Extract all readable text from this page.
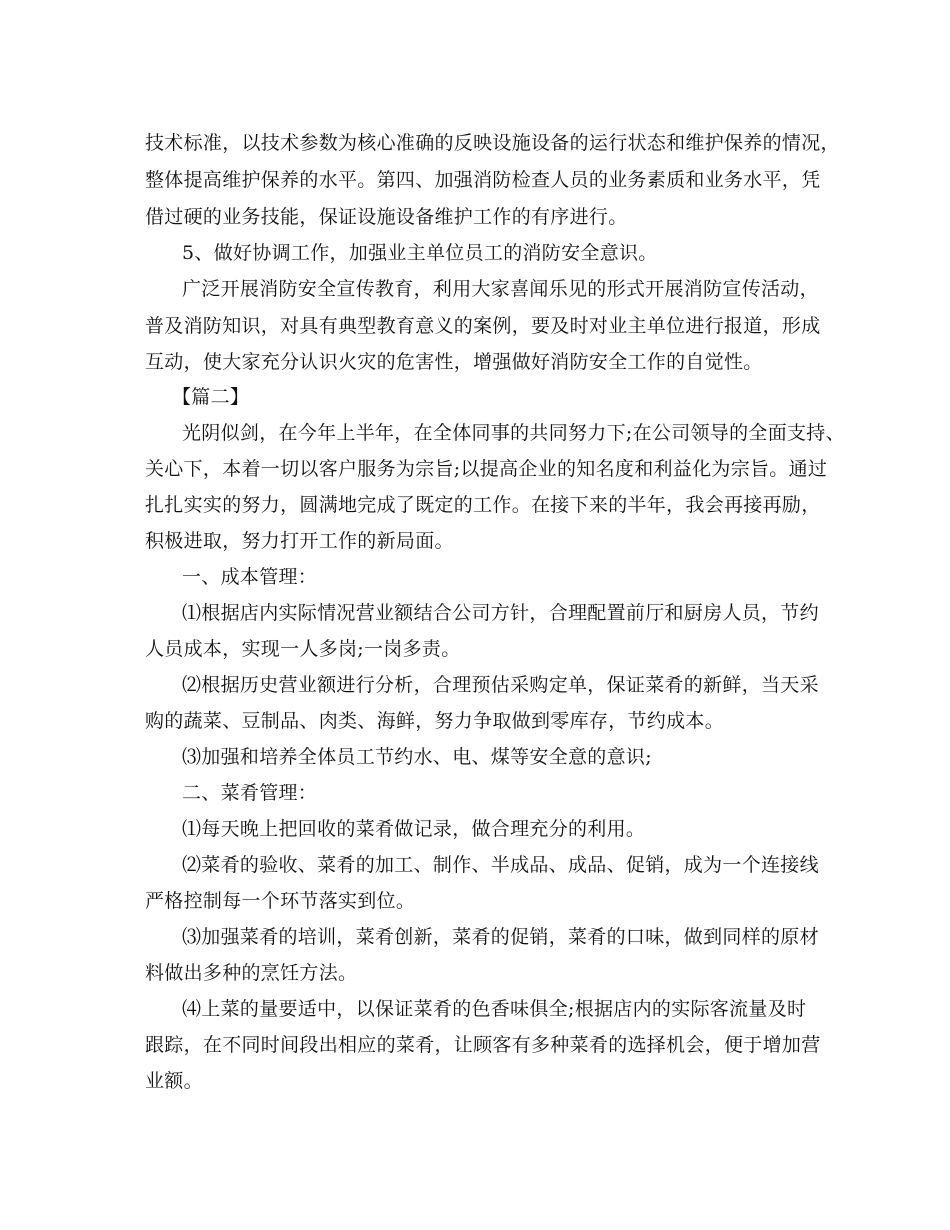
技术标准，以技术参数为核心准确的反映设施设备的运行状态和维护保养的情况，
整体提高维护保养的水平。第四、加强消防检查人员的业务素质和业务水平，凭
借过硬的业务技能，保证设施设备维护工作的有序进行。
5、做好协调工作，加强业主单位员工的消防安全意识。
广泛开展消防安全宣传教育，利用大家喜闻乐见的形式开展消防宣传活动，
普及消防知识，对具有典型教育意义的案例，要及时对业主单位进行报道，形成
互动，使大家充分认识火灾的危害性，增强做好消防安全工作的自觉性。
【篇二】
光阴似剑，在今年上半年，在全体同事的共同努力下;在公司领导的全面支持、
关心下，本着一切以客户服务为宗旨;以提高企业的知名度和利益化为宗旨。通过
扎扎实实的努力，圆满地完成了既定的工作。在接下来的半年，我会再接再励，
积极进取，努力打开工作的新局面。
一、成本管理：
⑴根据店内实际情况营业额结合公司方针，合理配置前厅和厨房人员，节约
人员成本，实现一人多岗;一岗多责。
⑵根据历史营业额进行分析，合理预估采购定单，保证菜肴的新鲜，当天采
购的蔬菜、豆制品、肉类、海鲜，努力争取做到零库存，节约成本。
⑶加强和培养全体员工节约水、电、煤等安全意的意识;
二、菜肴管理：
⑴每天晚上把回收的菜肴做记录，做合理充分的利用。
⑵菜肴的验收、菜肴的加工、制作、半成品、成品、促销，成为一个连接线
严格控制每一个环节落实到位。
⑶加强菜肴的培训，菜肴创新，菜肴的促销，菜肴的口味，做到同样的原材
料做出多种的烹饪方法。
⑷上菜的量要适中，以保证菜肴的色香味俱全;根据店内的实际客流量及时
跟踪，在不同时间段出相应的菜肴，让顾客有多种菜肴的选择机会，便于增加营
业额。
